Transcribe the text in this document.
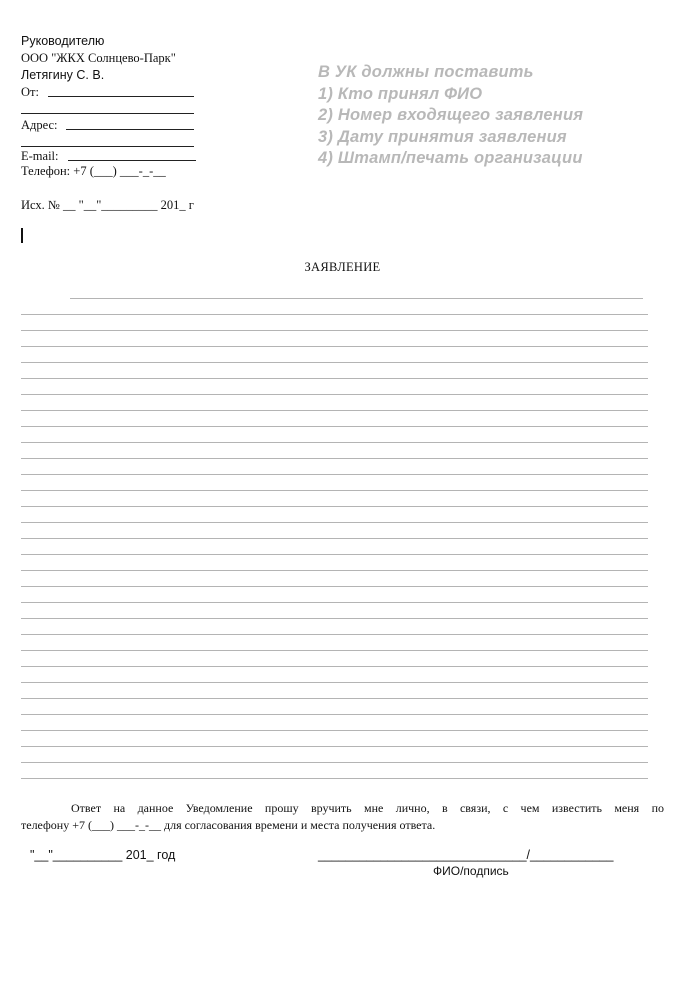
Руководителю
ООО "ЖКХ Солнцево-Парк"
Летягину С. В.
От:
Адрес:
E-mail:
Телефон: +7 (___) ___-_-__
Исх. № __ "__"_________ 201_ г
В УК должны поставить
1) Кто принял ФИО
2) Номер входящего заявления
3) Дату принятия заявления
4) Штамп/печать организации
ЗАЯВЛЕНИЕ
Ответ на данное Уведомление прошу вручить мне лично, в связи, с чем известить меня по
телефону +7 (___) ___-_-__ для согласования времени и места получения ответа.
"__"__________ 201_ год	______________________________/____________
ФИО/подпись
